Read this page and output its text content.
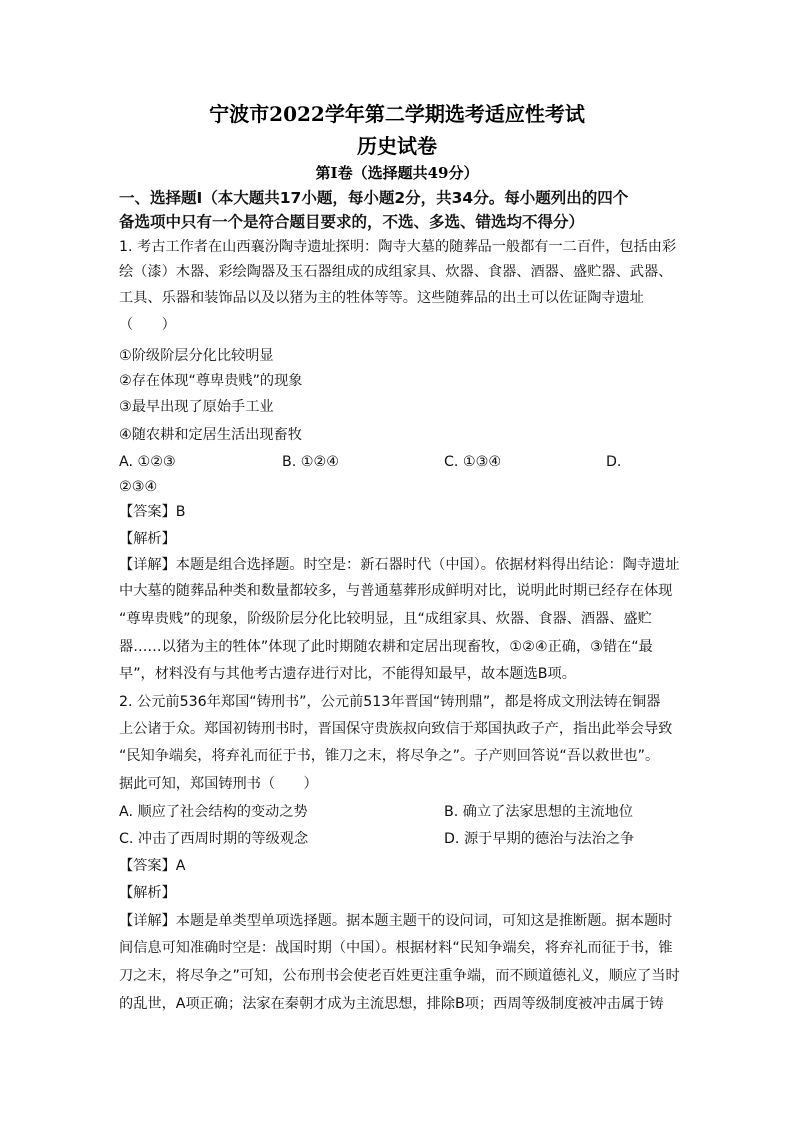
宁波市2022学年第二学期选考适应性考试
历史试卷
第I卷（选择题共49分）
一、选择题I（本大题共17小题，每小题2分，共34分。每小题列出的四个
备选项中只有一个是符合题目要求的，不选、多选、错选均不得分）
1. 考古工作者在山西襄汾陶寺遗址探明：陶寺大墓的随葬品一般都有一二百件，包括由彩
绘（漆）木器、彩绘陶器及玉石器组成的成组家具、炊器、食器、酒器、盛贮器、武器、
工具、乐器和装饰品以及以猪为主的牲体等等。这些随葬品的出土可以佐证陶寺遗址
（　　）
①阶级阶层分化比较明显
②存在体现“尊卑贵贱”的现象
③最早出现了原始手工业
④随农耕和定居生活出现畜牧
A. ①②③	B. ①②④	C. ①③④	D.
②③④
【答案】B
【解析】
【详解】本题是组合选择题。时空是：新石器时代（中国）。依据材料得出结论：陶寺遗址
中大墓的随葬品种类和数量都较多，与普通墓葬形成鲜明对比，说明此时期已经存在体现
“尊卑贵贱”的现象，阶级阶层分化比较明显，且“成组家具、炊器、食器、酒器、盛贮
器……以猪为主的牲体”体现了此时期随农耕和定居出现畜牧，①②④正确，③错在“最
早”，材料没有与其他考古遗存进行对比，不能得知最早，故本题选B项。
2. 公元前536年郑国“铸刑书”，公元前513年晋国“铸刑鼎”，都是将成文刑法铸在铜器
上公诸于众。郑国初铸刑书时，晋国保守贵族叔向致信于郑国执政子产，指出此举会导致
“民知争端矣，将弃礼而征于书，锥刀之末，将尽争之”。子产则回答说“吾以救世也”。
据此可知，郑国铸刑书（　　）
A. 顺应了社会结构的变动之势	B. 确立了法家思想的主流地位
C. 冲击了西周时期的等级观念	D. 源于早期的德治与法治之争
【答案】A
【解析】
【详解】本题是单类型单项选择题。据本题主题干的设问词，可知这是推断题。据本题时
间信息可知准确时空是：战国时期（中国）。根据材料“民知争端矣，将弃礼而征于书，锥
刀之末，将尽争之”可知，公布刑书会使老百姓更注重争端，而不顾道德礼义，顺应了当时
的乱世，A项正确；法家在秦朝才成为主流思想，排除B项；西周等级制度被冲击属于铸
